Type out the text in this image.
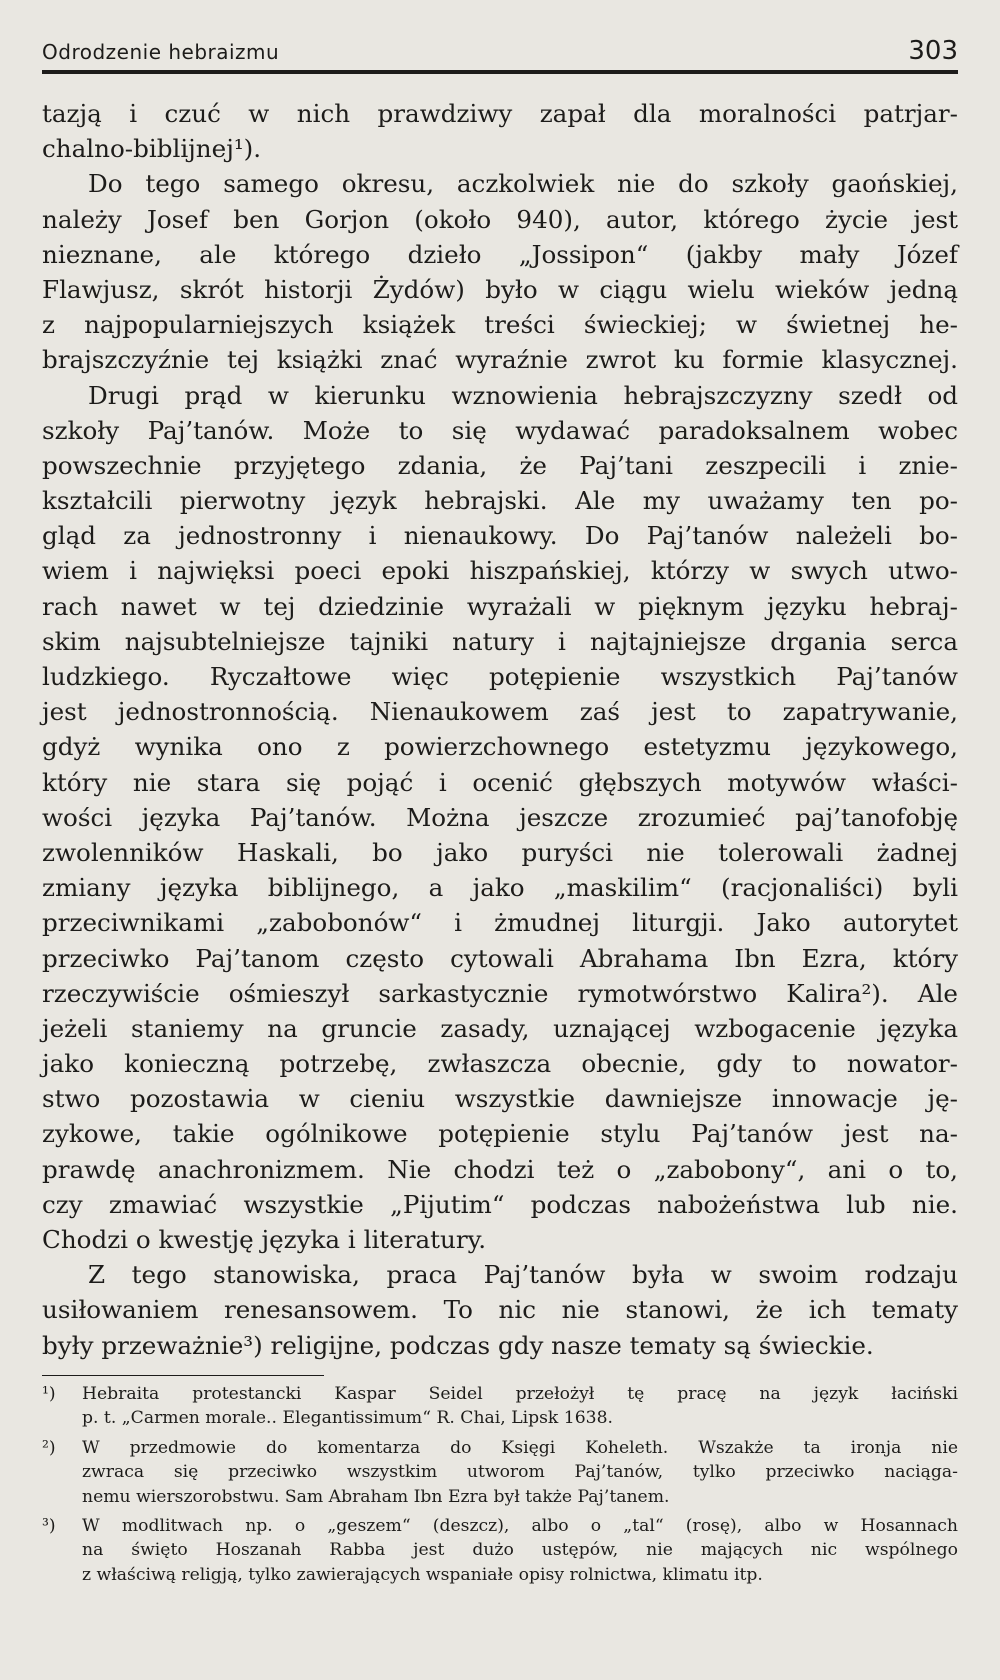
Odrodzenie hebraizmu	303
tazją i czuć w nich prawdziwy zapał dla moralności patrjar-
chalno-biblijnej¹).
Do tego samego okresu, aczkolwiek nie do szkoły gaońskiej,
należy Josef ben Gorjon (około 940), autor, którego życie jest
nieznane, ale którego dzieło „Jossipon“ (jakby mały Józef
Flawjusz, skrót historji Żydów) było w ciągu wielu wieków jedną
z najpopularniejszych książek treści świeckiej; w świetnej he-
brajszczyźnie tej książki znać wyraźnie zwrot ku formie klasycznej.
Drugi prąd w kierunku wznowienia hebrajszczyzny szedł od
szkoły Paj’tanów. Może to się wydawać paradoksalnem wobec
powszechnie przyjętego zdania, że Paj’tani zeszpecili i znie-
kształcili pierwotny język hebrajski. Ale my uważamy ten po-
gląd za jednostronny i nienaukowy. Do Paj’tanów należeli bo-
wiem i najwięksi poeci epoki hiszpańskiej, którzy w swych utwo-
rach nawet w tej dziedzinie wyrażali w pięknym języku hebraj-
skim najsubtelniejsze tajniki natury i najtajniejsze drgania serca
ludzkiego. Ryczałtowe więc potępienie wszystkich Paj’tanów
jest jednostronnością. Nienaukowem zaś jest to zapatrywanie,
gdyż wynika ono z powierzchownego estetyzmu językowego,
który nie stara się pojąć i ocenić głębszych motywów właści-
wości języka Paj’tanów. Można jeszcze zrozumieć paj’tanofobję
zwolenników Haskali, bo jako puryści nie tolerowali żadnej
zmiany języka biblijnego, a jako „maskilim“ (racjonaliści) byli
przeciwnikami „zabobonów“ i żmudnej liturgji. Jako autorytet
przeciwko Paj’tanom często cytowali Abrahama Ibn Ezra, który
rzeczywiście ośmieszył sarkastycznie rymotwórstwo Kalira²). Ale
jeżeli staniemy na gruncie zasady, uznającej wzbogacenie języka
jako konieczną potrzebę, zwłaszcza obecnie, gdy to nowator-
stwo pozostawia w cieniu wszystkie dawniejsze innowacje ję-
zykowe, takie ogólnikowe potępienie stylu Paj’tanów jest na-
prawdę anachronizmem. Nie chodzi też o „zabobony“, ani o to,
czy zmawiać wszystkie „Pijutim“ podczas nabożeństwa lub nie.
Chodzi o kwestję języka i literatury.
Z tego stanowiska, praca Paj’tanów była w swoim rodzaju
usiłowaniem renesansowem. To nic nie stanowi, że ich tematy
były przeważnie³) religijne, podczas gdy nasze tematy są świeckie.
¹) Hebraita protestancki Kaspar Seidel przełożył tę pracę na język łaciński
p. t. „Carmen morale.. Elegantissimum“ R. Chai, Lipsk 1638.
²) W przedmowie do komentarza do Księgi Koheleth. Wszakże ta ironja nie
zwraca się przeciwko wszystkim utworom Paj’tanów, tylko przeciwko naciąga-
nemu wierszorobstwu. Sam Abraham Ibn Ezra był także Paj’tanem.
³) W modlitwach np. o „geszem“ (deszcz), albo o „tal“ (rosę), albo w Hosannach
na święto Hoszanah Rabba jest dużo ustępów, nie mających nic wspólnego
z właściwą religją, tylko zawierających wspaniałe opisy rolnictwa, klimatu itp.
